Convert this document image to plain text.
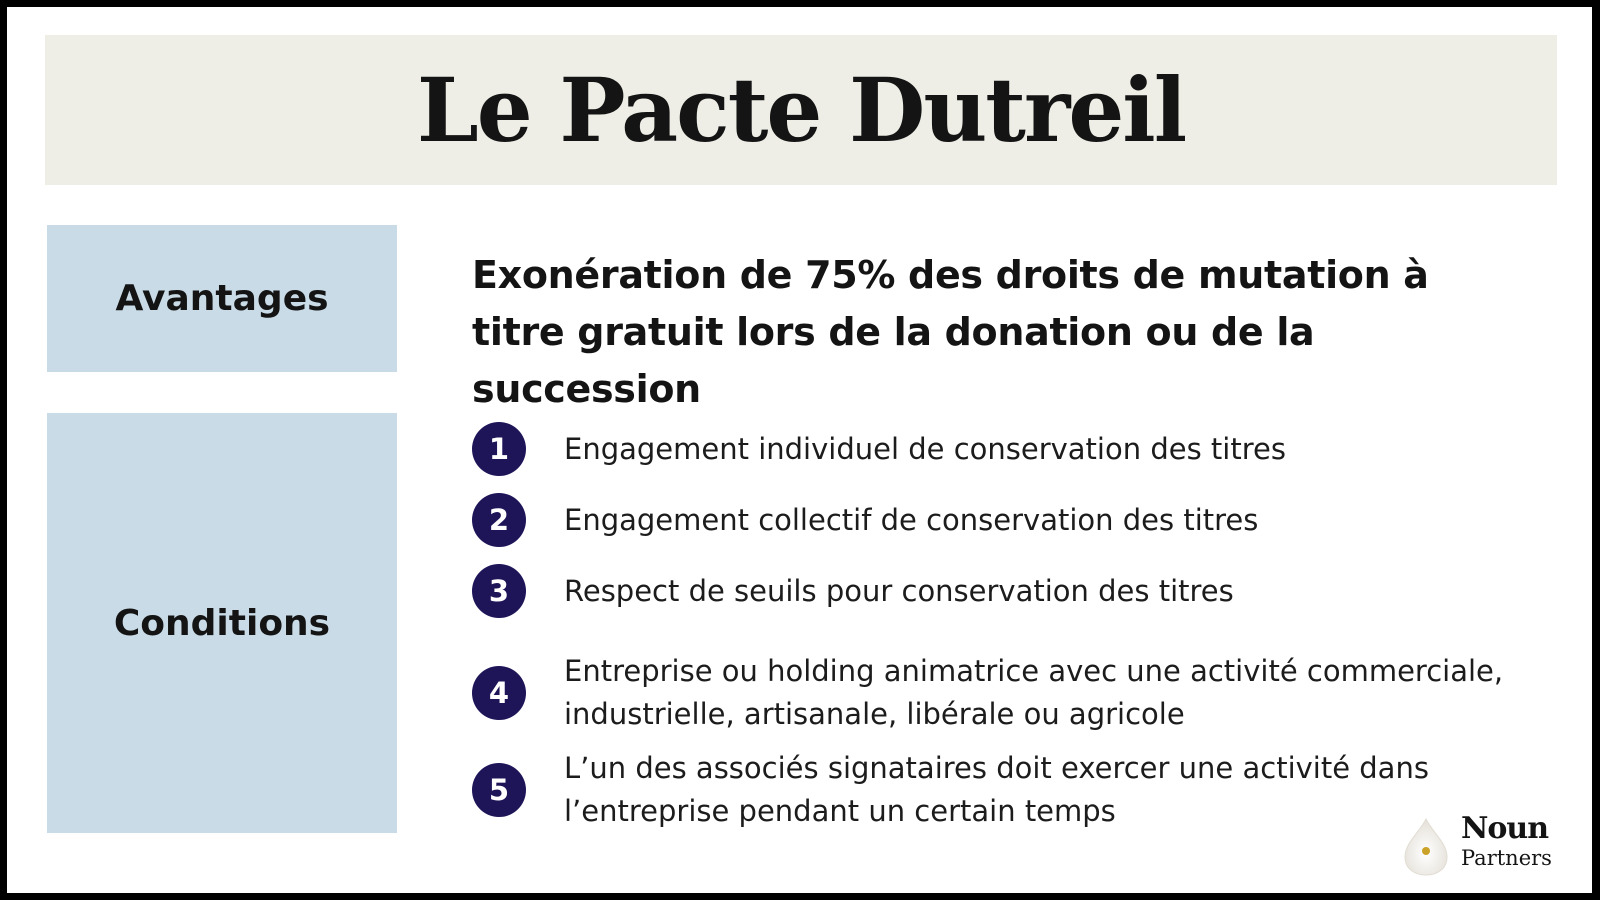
Le Pacte Dutreil
Avantages

Exonération de 75% des droits de mutation à titre gratuit lors de la donation ou de la succession

Conditions
1	Engagement individuel de conservation des titres
2	Engagement collectif de conservation des titres
3	Respect de seuils pour conservation des titres
4
Entreprise ou holding animatrice avec une activité commerciale, industrielle, artisanale, libérale ou agricole
5
L’un des associés signataires doit exercer une activité dans l’entreprise pendant un certain temps	Noun
Partners
